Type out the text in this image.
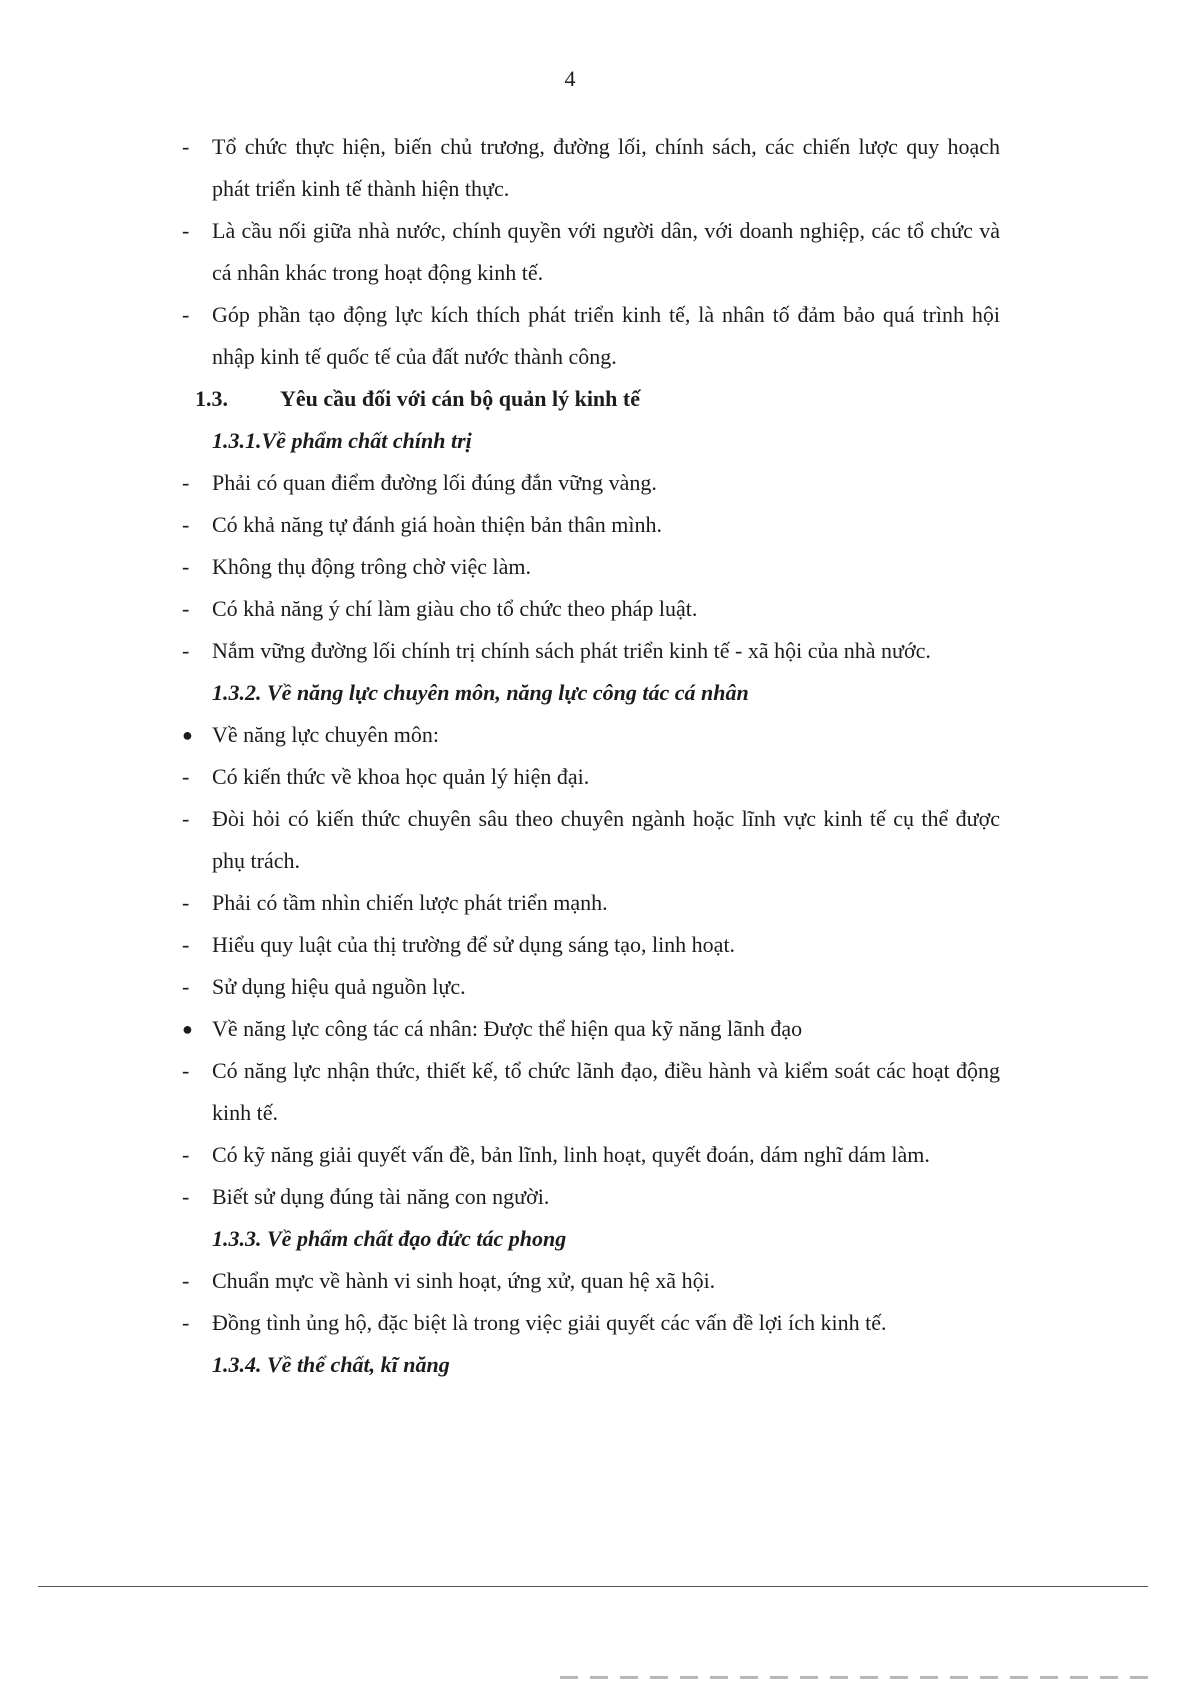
4
-	Tổ chức thực hiện, biến chủ trương, đường lối, chính sách, các chiến lược quy hoạch phát triển kinh tế thành hiện thực.
-	Là cầu nối giữa nhà nước, chính quyền với người dân, với doanh nghiệp, các tổ chức và cá nhân khác trong hoạt động kinh tế.
-	Góp phần tạo động lực kích thích phát triển kinh tế, là nhân tố đảm bảo quá trình hội nhập kinh tế quốc tế của đất nước thành công.
1.3.	Yêu cầu đối với cán bộ quản lý kinh tế
1.3.1.Về phẩm chất chính trị
-	Phải có quan điểm đường lối đúng đắn vững vàng.
-	Có khả năng tự đánh giá hoàn thiện bản thân mình.
-	Không thụ động trông chờ việc làm.
-	Có khả năng ý chí làm giàu cho tổ chức theo pháp luật.
-	Nắm vững đường lối chính trị chính sách phát triển kinh tế - xã hội của nhà nước.
1.3.2. Về năng lực chuyên môn, năng lực công tác cá nhân
● Về năng lực chuyên môn:
-	Có kiến thức về khoa học quản lý hiện đại.
-	Đòi hỏi có kiến thức chuyên sâu theo chuyên ngành hoặc lĩnh vực kinh tế cụ thể được phụ trách.
-	Phải có tầm nhìn chiến lược phát triển mạnh.
-	Hiểu quy luật của thị trường để sử dụng sáng tạo, linh hoạt.
-	Sử dụng hiệu quả nguồn lực.
● Về năng lực công tác cá nhân: Được thể hiện qua kỹ năng lãnh đạo
-	Có năng lực nhận thức, thiết kế, tổ chức lãnh đạo, điều hành và kiểm soát các hoạt động kinh tế.
-	Có kỹ năng giải quyết vấn đề, bản lĩnh, linh hoạt, quyết đoán, dám nghĩ dám làm.
-	Biết sử dụng đúng tài năng con người.
1.3.3. Về phẩm chất đạo đức tác phong
-	Chuẩn mực về hành vi sinh hoạt, ứng xử, quan hệ xã hội.
-	Đồng tình ủng hộ, đặc biệt là trong việc giải quyết các vấn đề lợi ích kinh tế.
1.3.4. Về thể chất, kĩ năng
